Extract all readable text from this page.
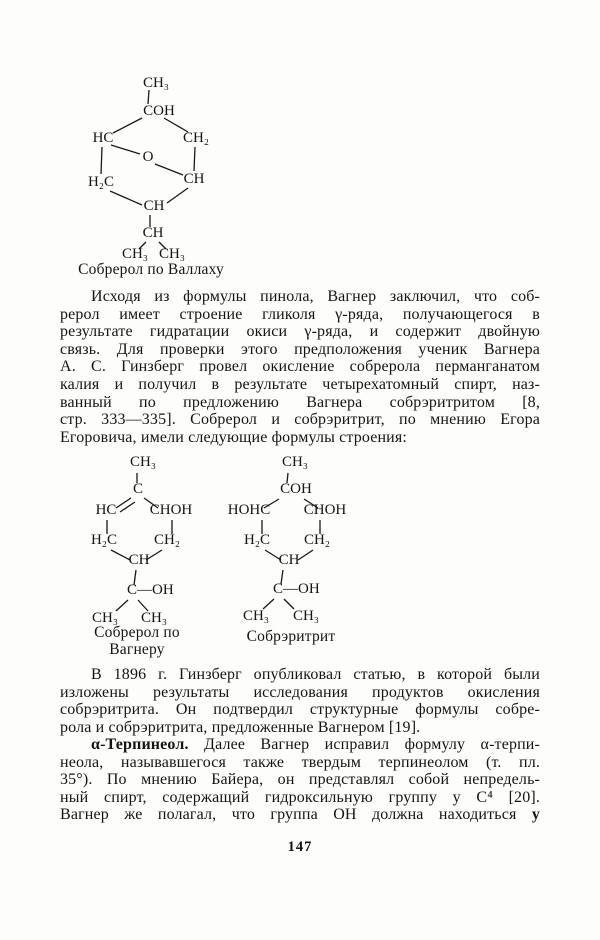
CH₃
COH
HC	CH₂
O
H₂C	CH
CH
CH
CH₃ CH₃
Собрерол по Валлаху
Исходя из формулы пинола, Вагнер заключил, что соб-
рерол имеет строение гликоля γ-ряда, получающегося в
результате гидратации окиси γ-ряда, и содержит двойную
связь. Для проверки этого предположения ученик Вагнера
А. С. Гинзберг провел окисление собрерола перманганатом
калия и получил в результате четырехатомный спирт, наз-
ванный по предложению Вагнера собрэритритом [8,
стр. 333—335]. Собрерол и собрэритрит, по мнению Егора
Егоровича, имели следующие формулы строения:
CH₃
C
HC CHOH
H₂C CH₂
CH
C—OH
CH₃ CH₃
Собрерол по
Вагнеру
CH₃
COH
HOHC CHOH
H₂C CH₂
CH
C—OH
CH₃ CH₃
Собрэритрит
В 1896 г. Гинзберг опубликовал статью, в которой были
изложены результаты исследования продуктов окисления
собрэритрита. Он подтвердил структурные формулы собре-
рола и собрэритрита, предложенные Вагнером [19].
α-Терпинеол. Далее Вагнер исправил формулу α-терпи-
неола, называвшегося также твердым терпинеолом (т. пл.
35°). По мнению Байера, он представлял собой непредель-
ный спирт, содержащий гидроксильную группу у С⁴ [20].
Вагнер же полагал, что группа ОН должна находиться у
147
